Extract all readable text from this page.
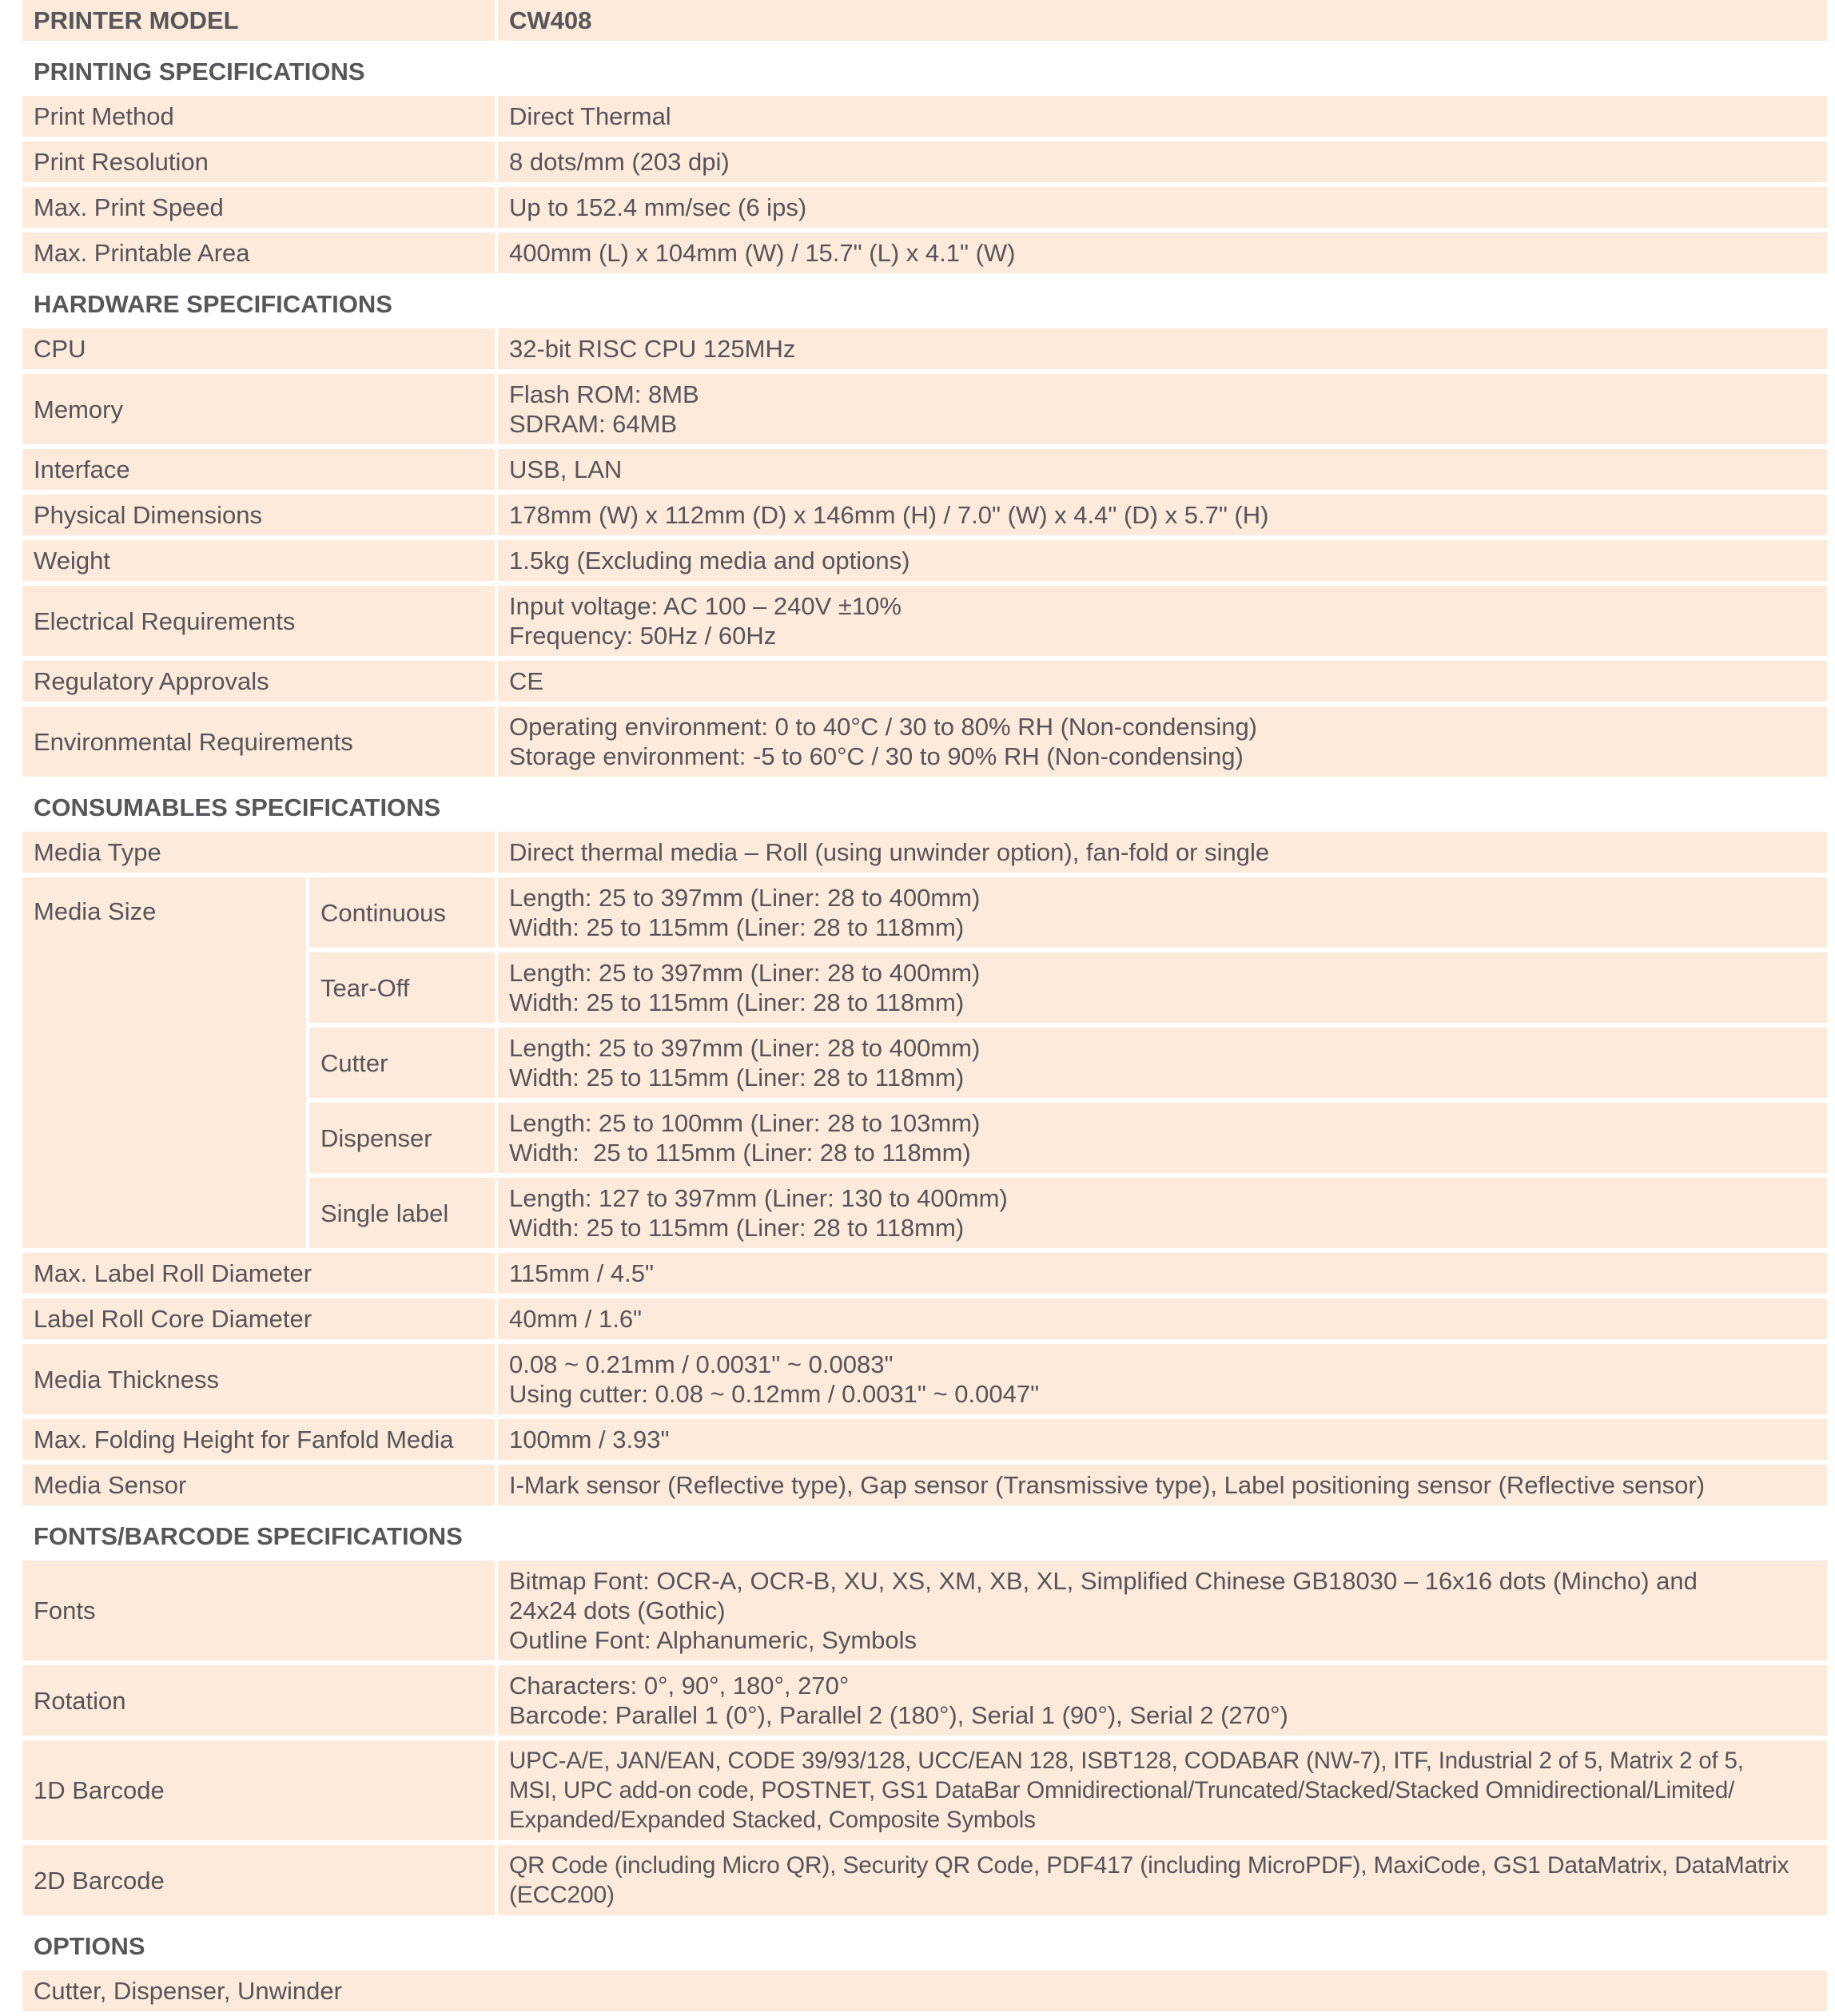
PRINTER MODEL		CW408
PRINTING SPECIFICATIONS		
Print Method		Direct Thermal
Print Resolution		8 dots/mm (203 dpi)
Max. Print Speed		Up to 152.4 mm/sec (6 ips)
Max. Printable Area		400mm (L) x 104mm (W) / 15.7" (L) x 4.1" (W)
HARDWARE SPECIFICATIONS		
CPU		32-bit RISC CPU 125MHz

Memory		Flash ROM: 8MB
SDRAM: 64MB

Interface		USB, LAN

Physical Dimensions		178mm (W) x 112mm (D) x 146mm (H) / 7.0" (W) x 4.4" (D) x 5.7" (H)

Weight		1.5kg (Excluding media and options)

Electrical Requirements		Input voltage: AC 100 – 240V ±10%
Frequency: 50Hz / 60Hz

Regulatory Approvals		CE

Environmental Requirements		Operating environment: 0 to 40°C / 30 to 80% RH (Non-condensing)
Storage environment: -5 to 60°C / 30 to 90% RH (Non-condensing)

CONSUMABLES SPECIFICATIONS		
Media Type		Direct thermal media – Roll (using unwinder option), fan-fold or single
Media Size	Continuous	Length: 25 to 397mm (Liner: 28 to 400mm)
Width: 25 to 115mm (Liner: 28 to 118mm)

	Tear-Off	Length: 25 to 397mm (Liner: 28 to 400mm)
Width: 25 to 115mm (Liner: 28 to 118mm)

	Cutter	Length: 25 to 397mm (Liner: 28 to 400mm)
Width: 25 to 115mm (Liner: 28 to 118mm)

	Dispenser	Length: 25 to 100mm (Liner: 28 to 103mm)
Width:  25 to 115mm (Liner: 28 to 118mm)

	Single label	Length: 127 to 397mm (Liner: 130 to 400mm)
Width: 25 to 115mm (Liner: 28 to 118mm)

Max. Label Roll Diameter		115mm / 4.5"

Label Roll Core Diameter		40mm / 1.6"

Media Thickness		0.08 ~ 0.21mm / 0.0031" ~ 0.0083"
Using cutter: 0.08 ~ 0.12mm / 0.0031" ~ 0.0047"

Max. Folding Height for Fanfold Media		100mm / 3.93"

Media Sensor		I-Mark sensor (Reflective type), Gap sensor (Transmissive type), Label positioning sensor (Reflective sensor)

FONTS/BARCODE SPECIFICATIONS		
Fonts		Bitmap Font: OCR-A, OCR-B, XU, XS, XM, XB, XL, Simplified Chinese GB18030 – 16x16 dots (Mincho) and
24x24 dots (Gothic)
Outline Font: Alphanumeric, Symbols

Rotation		Characters: 0°, 90°, 180°, 270°
Barcode: Parallel 1 (0°), Parallel 2 (180°), Serial 1 (90°), Serial 2 (270°)

1D Barcode		UPC-A/E, JAN/EAN, CODE 39/93/128, UCC/EAN 128, ISBT128, CODABAR (NW-7), ITF, Industrial 2 of 5, Matrix 2 of 5,
MSI, UPC add-on code, POSTNET, GS1 DataBar Omnidirectional/Truncated/Stacked/Stacked Omnidirectional/Limited/
Expanded/Expanded Stacked, Composite Symbols

2D Barcode		QR Code (including Micro QR), Security QR Code, PDF417 (including MicroPDF), MaxiCode, GS1 DataMatrix, DataMatrix
(ECC200)

OPTIONS		
Cutter, Dispenser, Unwinder		
